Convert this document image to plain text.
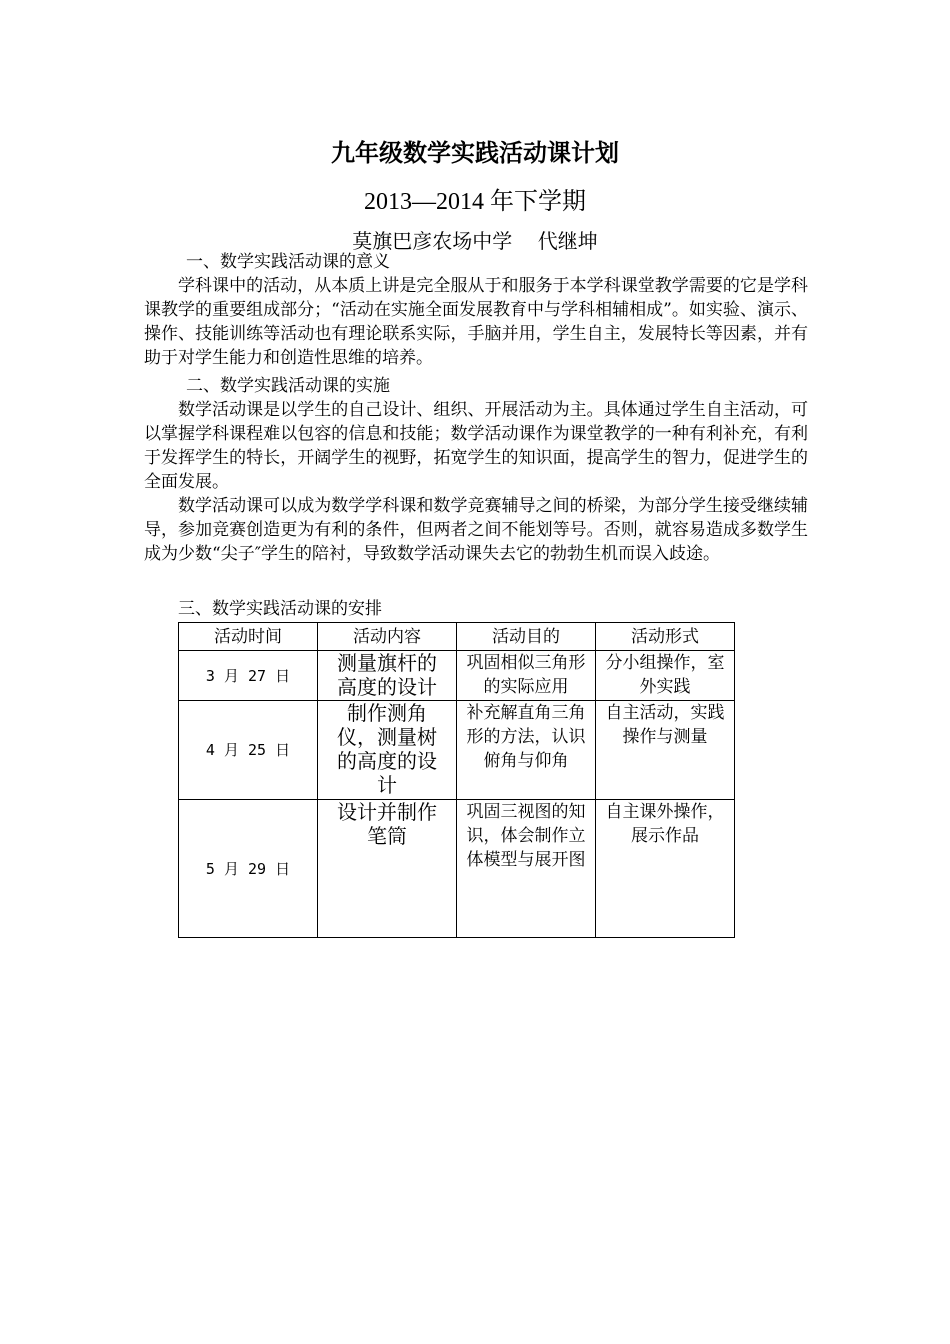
九年级数学实践活动课计划
2013—2014 年下学期
莫旗巴彦农场中学    代继坤
一、数学实践活动课的意义

学科课中的活动，从本质上讲是完全服从于和服务于本学科课堂教学需要的它是学科课教学的重要组成部分；“活动在实施全面发展教育中与学科相辅相成”。如实验、演示、操作、技能训练等活动也有理论联系实际，手脑并用，学生自主，发展特长等因素，并有助于对学生能力和创造性思维的培养。

二、数学实践活动课的实施

数学活动课是以学生的自己设计、组织、开展活动为主。具体通过学生自主活动，可以掌握学科课程难以包容的信息和技能；数学活动课作为课堂教学的一种有利补充，有利于发挥学生的特长，开阔学生的视野，拓宽学生的知识面，提高学生的智力，促进学生的全面发展。

数学活动课可以成为数学学科课和数学竞赛辅导之间的桥梁，为部分学生接受继续辅导，参加竞赛创造更为有利的条件，但两者之间不能划等号。否则，就容易造成多数学生成为少数“尖子″学生的陪衬，导致数学活动课失去它的勃勃生机而误入歧途。

三、数学实践活动课的安排
活动时间	活动内容	活动目的	活动形式
3 月 27 日	测量旗杆的高度的设计	巩固相似三角形的实际应用	分小组操作，室外实践
4 月 25 日	制作测角仪，测量树的高度的设计	补充解直角三角形的方法，认识俯角与仰角	自主活动，实践操作与测量
5 月 29 日	设计并制作笔筒	巩固三视图的知识，体会制作立体模型与展开图	自主课外操作，展示作品
